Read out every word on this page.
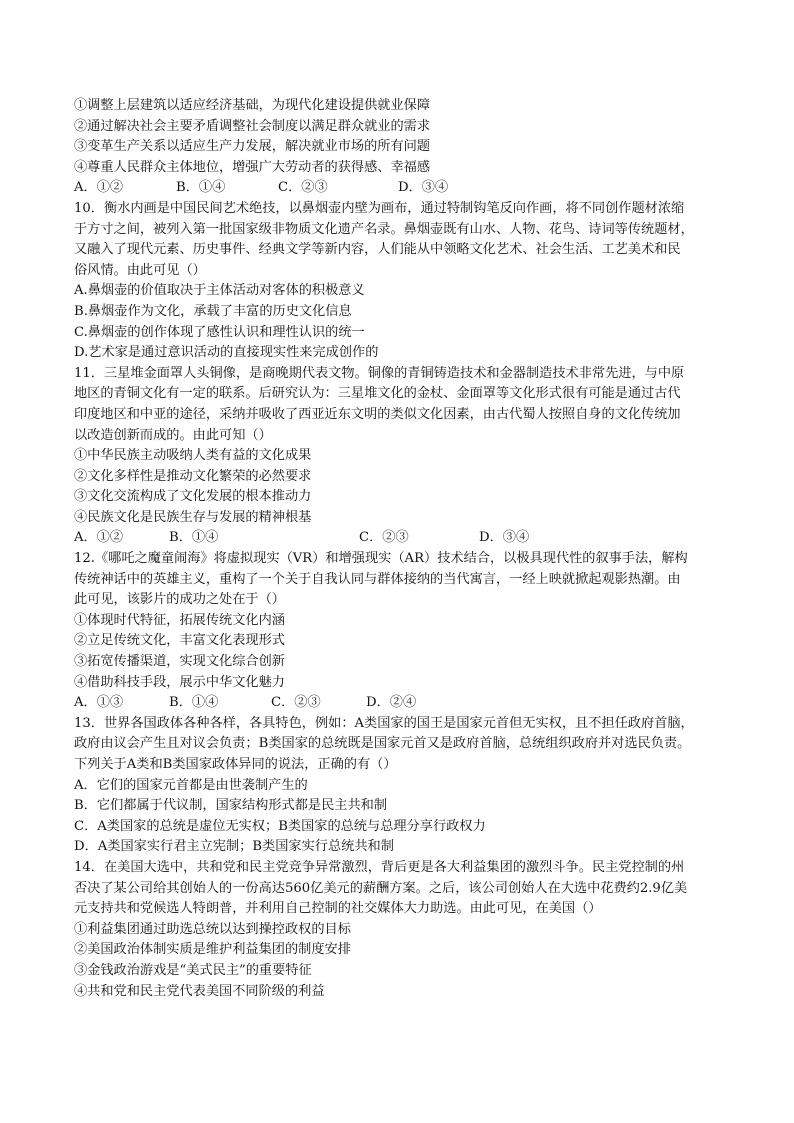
①调整上层建筑以适应经济基础，为现代化建设提供就业保障
②通过解决社会主要矛盾调整社会制度以满足群众就业的需求
③变革生产关系以适应生产力发展，解决就业市场的所有问题
④尊重人民群众主体地位，增强广大劳动者的获得感、幸福感
A．①②	B．①④	C．②③	D．③④
10．衡水内画是中国民间艺术绝技，以鼻烟壶内壁为画布，通过特制钩笔反向作画，将不同创作题材浓缩
于方寸之间，被列入第一批国家级非物质文化遗产名录。鼻烟壶既有山水、人物、花鸟、诗词等传统题材，
又融入了现代元素、历史事件、经典文学等新内容，人们能从中领略文化艺术、社会生活、工艺美术和民
俗风情。由此可见（）
A.鼻烟壶的价值取决于主体活动对客体的积极意义
B.鼻烟壶作为文化，承载了丰富的历史文化信息
C.鼻烟壶的创作体现了感性认识和理性认识的统一
D.艺术家是通过意识活动的直接现实性来完成创作的
11．三星堆金面罩人头铜像，是商晚期代表文物。铜像的青铜铸造技术和金器制造技术非常先进，与中原
地区的青铜文化有一定的联系。后研究认为：三星堆文化的金杖、金面罩等文化形式很有可能是通过古代
印度地区和中亚的途径，采纳并吸收了西亚近东文明的类似文化因素，由古代蜀人按照自身的文化传统加
以改造创新而成的。由此可知（）
①中华民族主动吸纳人类有益的文化成果
②文化多样性是推动文化繁荣的必然要求
③文化交流构成了文化发展的根本推动力
④民族文化是民族生存与发展的精神根基
A．①②	B．①④	C．②③	D．③④
12.《哪吒之魔童闹海》将虚拟现实（VR）和增强现实（AR）技术结合，以极具现代性的叙事手法，解构
传统神话中的英雄主义，重构了一个关于自我认同与群体接纳的当代寓言，一经上映就掀起观影热潮。由
此可见，该影片的成功之处在于（）
①体现时代特征，拓展传统文化内涵
②立足传统文化，丰富文化表现形式
③拓宽传播渠道，实现文化综合创新
④借助科技手段，展示中华文化魅力
A．①③	B．①④	C．②③	D．②④
13．世界各国政体各种各样，各具特色，例如：A类国家的国王是国家元首但无实权，且不担任政府首脑，
政府由议会产生且对议会负责；B类国家的总统既是国家元首又是政府首脑，总统组织政府并对选民负责。
下列关于A类和B类国家政体异同的说法，正确的有（）
A．它们的国家元首都是由世袭制产生的
B．它们都属于代议制，国家结构形式都是民主共和制
C．A类国家的总统是虚位无实权；B类国家的总统与总理分享行政权力
D．A类国家实行君主立宪制；B类国家实行总统共和制
14．在美国大选中，共和党和民主党竞争异常激烈，背后更是各大利益集团的激烈斗争。民主党控制的州
否决了某公司给其创始人的一份高达560亿美元的薪酬方案。之后，该公司创始人在大选中花费约2.9亿美
元支持共和党候选人特朗普，并利用自己控制的社交媒体大力助选。由此可见，在美国（）
①利益集团通过助选总统以达到操控政权的目标
②美国政治体制实质是维护利益集团的制度安排
③金钱政治游戏是“美式民主”的重要特征
④共和党和民主党代表美国不同阶级的利益
